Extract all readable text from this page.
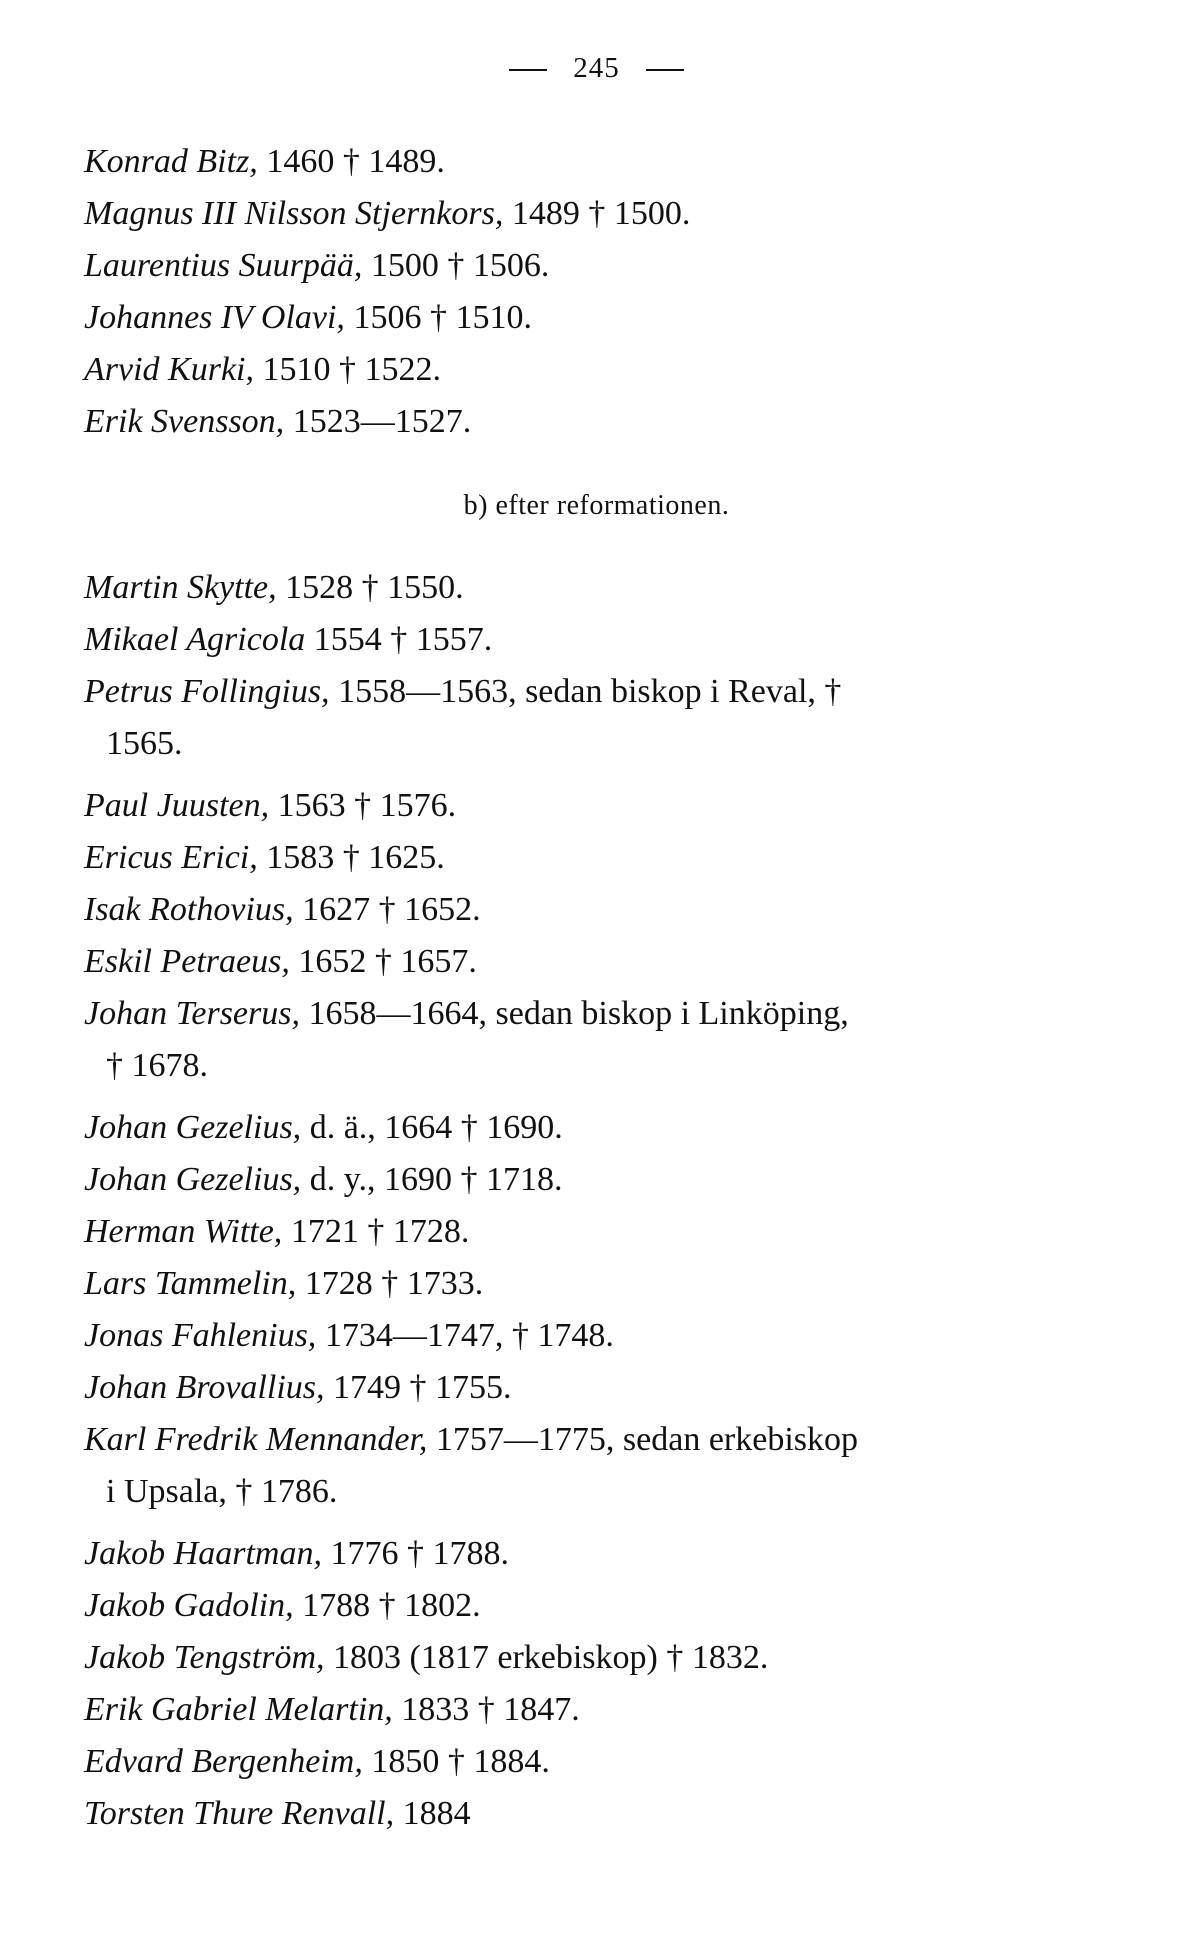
245
Konrad Bitz, 1460 † 1489.
Magnus III Nilsson Stjernkors, 1489 † 1500.
Laurentius Suurpää, 1500 † 1506.
Johannes IV Olavi, 1506 † 1510.
Arvid Kurki, 1510 † 1522.
Erik Svensson, 1523—1527.
b) efter reformationen.
Martin Skytte, 1528 † 1550.
Mikael Agricola 1554 † 1557.
Petrus Follingius, 1558—1563, sedan biskop i Reval, †
1565.
Paul Juusten, 1563 † 1576.
Ericus Erici, 1583 † 1625.
Isak Rothovius, 1627 † 1652.
Eskil Petraeus, 1652 † 1657.
Johan Terserus, 1658—1664, sedan biskop i Linköping,
† 1678.
Johan Gezelius, d. ä., 1664 † 1690.
Johan Gezelius, d. y., 1690 † 1718.
Herman Witte, 1721 † 1728.
Lars Tammelin, 1728 † 1733.
Jonas Fahlenius, 1734—1747, † 1748.
Johan Brovallius, 1749 † 1755.
Karl Fredrik Mennander, 1757—1775, sedan erkebiskop
i Upsala, † 1786.
Jakob Haartman, 1776 † 1788.
Jakob Gadolin, 1788 † 1802.
Jakob Tengström, 1803 (1817 erkebiskop) † 1832.
Erik Gabriel Melartin, 1833 † 1847.
Edvard Bergenheim, 1850 † 1884.
Torsten Thure Renvall, 1884
